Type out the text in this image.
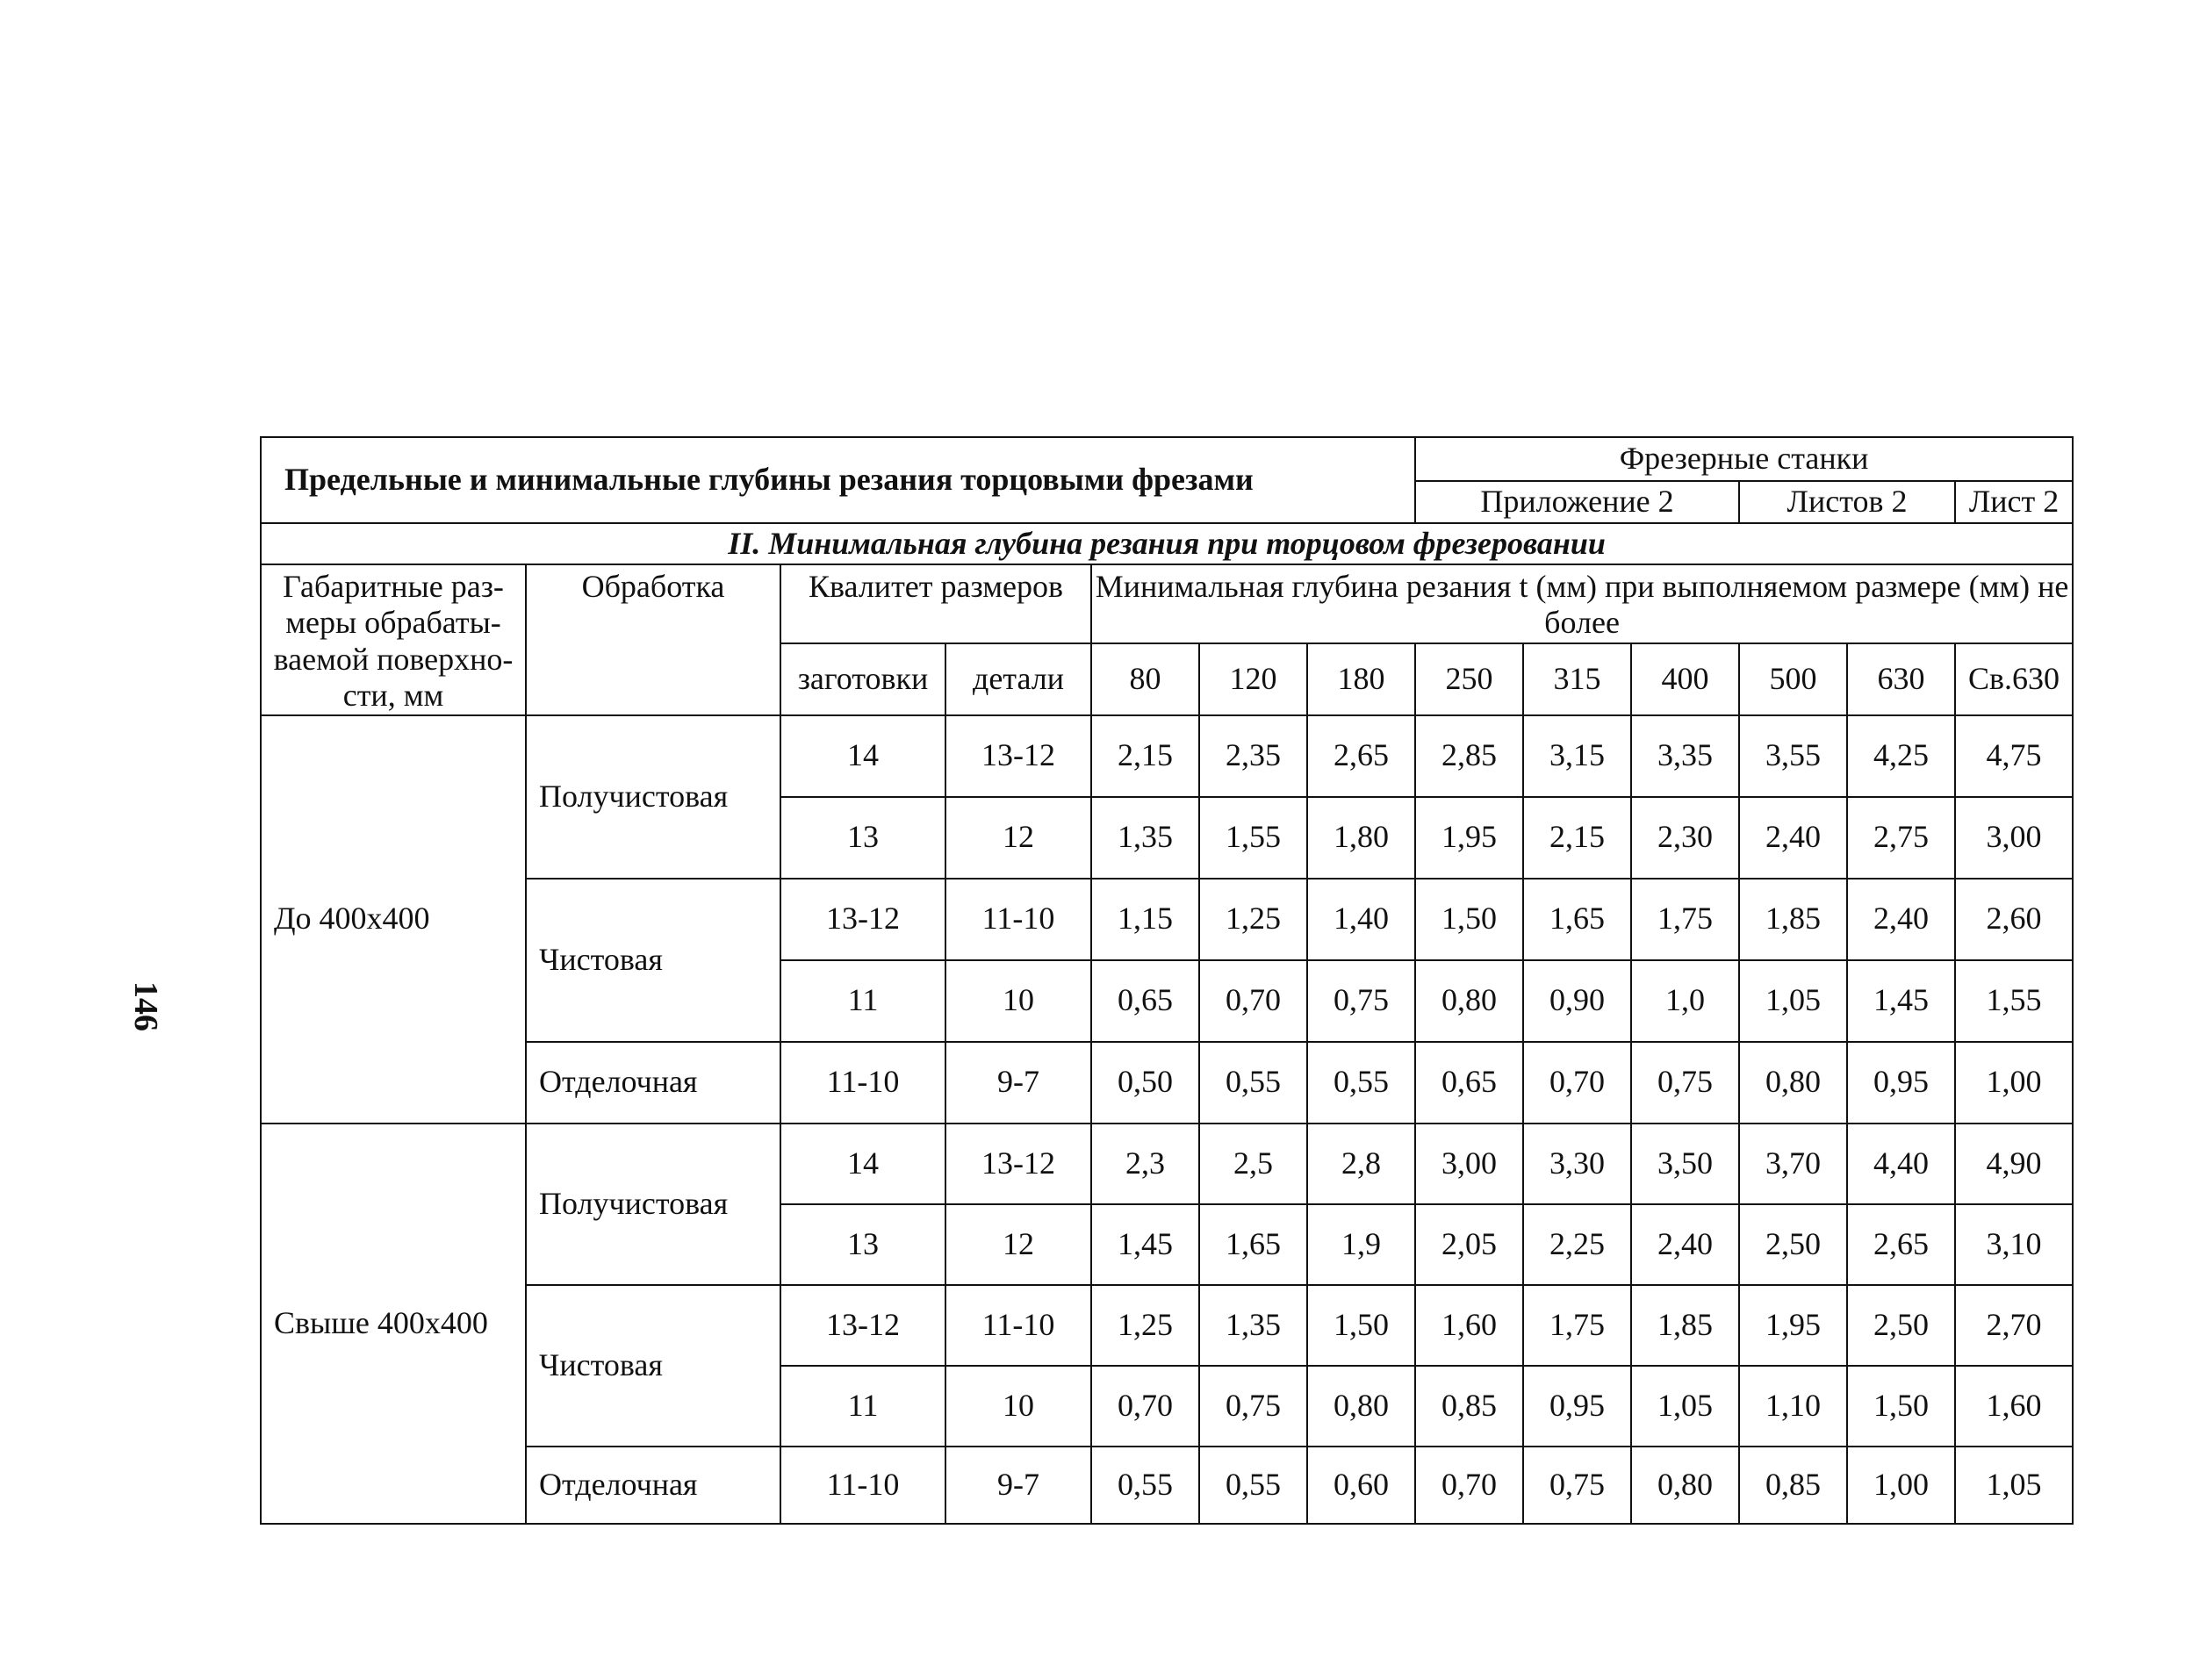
146
Предельные и минимальные глубины резания торцовыми фрезами							Фрезерные станки					
							Приложение 2			Листов 2		Лист 2
II. Минимальная глубина резания при торцовом фрезеровании												
Габаритные раз-меры обрабаты-ваемой поверхно-сти, мм	Обработка	Квалитет размеров		Минимальная глубина резания t (мм) при выполняемом размере (мм) не более								
		заготовки	детали	80	120	180	250	315	400	500	630	Св.630
До 400х400	Получистовая	14	13-12	2,15	2,35	2,65	2,85	3,15	3,35	3,55	4,25	4,75
		13	12	1,35	1,55	1,80	1,95	2,15	2,30	2,40	2,75	3,00
	Чистовая	13-12	11-10	1,15	1,25	1,40	1,50	1,65	1,75	1,85	2,40	2,60
		11	10	0,65	0,70	0,75	0,80	0,90	1,0	1,05	1,45	1,55
	Отделочная	11-10	9-7	0,50	0,55	0,55	0,65	0,70	0,75	0,80	0,95	1,00
Свыше 400х400	Получистовая	14	13-12	2,3	2,5	2,8	3,00	3,30	3,50	3,70	4,40	4,90
		13	12	1,45	1,65	1,9	2,05	2,25	2,40	2,50	2,65	3,10
	Чистовая	13-12	11-10	1,25	1,35	1,50	1,60	1,75	1,85	1,95	2,50	2,70
		11	10	0,70	0,75	0,80	0,85	0,95	1,05	1,10	1,50	1,60
	Отделочная	11-10	9-7	0,55	0,55	0,60	0,70	0,75	0,80	0,85	1,00	1,05
